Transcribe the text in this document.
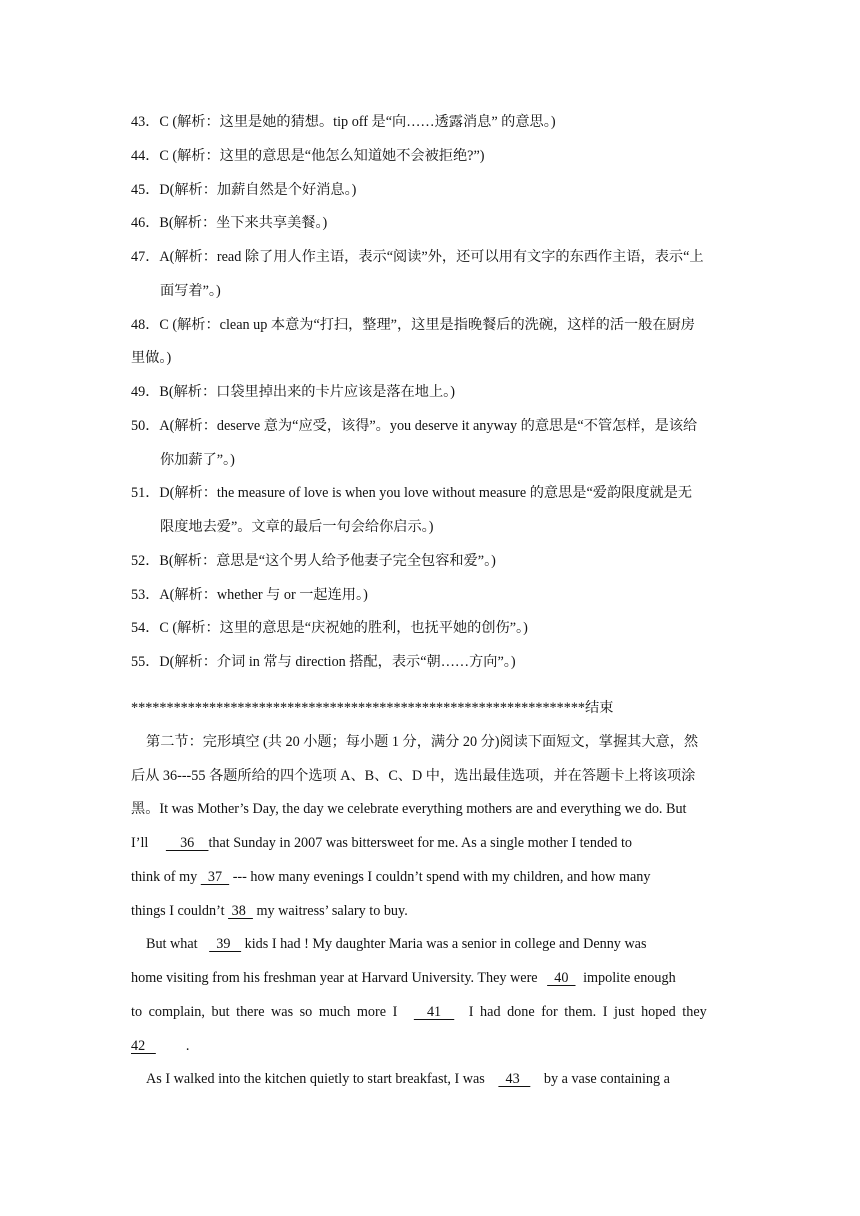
43．C (解析：这里是她的猜想。tip off 是“向……透露消息” 的意思。)
44．C (解析：这里的意思是“他怎么知道她不会被拒绝?”)
45．D(解析：加薪自然是个好消息。)
46．B(解析：坐下来共享美餐。)
47．A(解析：read 除了用人作主语，表示“阅读”外，还可以用有文字的东西作主语，表示“上
面写着”。)
48．C (解析：clean up 本意为“打扫，整理”，这里是指晚餐后的洗碗，这样的活一般在厨房
里做。)
49．B(解析：口袋里掉出来的卡片应该是落在地上。)
50．A(解析：deserve 意为“应受，该得”。you deserve it anyway 的意思是“不管怎样，是该给
你加薪了”。)
51．D(解析：the measure of love is when you love without measure 的意思是“爱韵限度就是无
限度地去爱”。文章的最后一句会给你启示。)
52．B(解析：意思是“这个男人给予他妻子完全包容和爱”。)
53．A(解析：whether 与 or 一起连用。)
54．C (解析：这里的意思是“庆祝她的胜利，也抚平她的创伤”。)
55．D(解析：介词 in 常与 direction 搭配，表示“朝……方向”。)
****************************************************************结束
第二节：完形填空 (共 20 小题；每小题 1 分，满分 20 分)阅读下面短文，掌握其大意，然
后从 36---55 各题所给的四个选项 A、B、C、D 中，选出最佳选项，并在答题卡上将该项涂
黑。It was Mother’s Day, the day we celebrate everything mothers are and everything we do. But
I’ll     36    that Sunday in 2007 was bittersweet for me. As a single mother I tended to
think of my   37   --- how many evenings I couldn’t spend with my children, and how many
things I couldn’t  38   my waitress’ salary to buy.
But what   39    kids I had ! My daughter Maria was a senior in college and Denny was
home visiting from his freshman year at Harvard University. They were   40   impolite enough
to complain, but there was so much more I   41   I had done for them. I just hoped they
42   .
As I walked into the kitchen quietly to start breakfast, I was   43    by a vase containing a
